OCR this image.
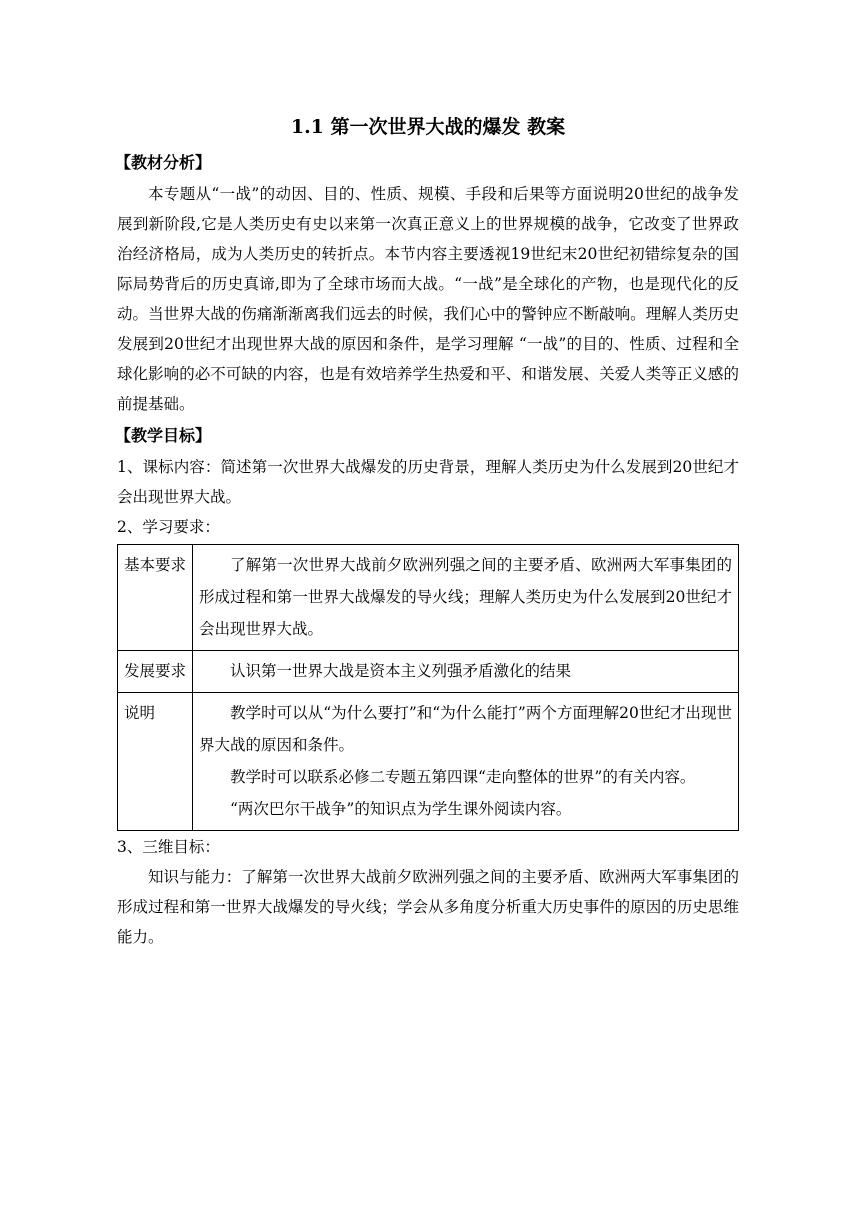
1.1 第一次世界大战的爆发 教案
【教材分析】

本专题从“一战”的动因、目的、性质、规模、手段和后果等方面说明20世纪的战争发展到新阶段,它是人类历史有史以来第一次真正意义上的世界规模的战争，它改变了世界政治经济格局，成为人类历史的转折点。本节内容主要透视19世纪末20世纪初错综复杂的国际局势背后的历史真谛,即为了全球市场而大战。“一战”是全球化的产物，也是现代化的反动。当世界大战的伤痛渐渐离我们远去的时候，我们心中的警钟应不断敲响。理解人类历史发展到20世纪才出现世界大战的原因和条件，是学习理解 “一战”的目的、性质、过程和全球化影响的必不可缺的内容，也是有效培养学生热爱和平、和谐发展、关爱人类等正义感的前提基础。

【教学目标】

1、课标内容：简述第一次世界大战爆发的历史背景，理解人类历史为什么发展到20世纪才会出现世界大战。

2、学习要求：

基本要求	了解第一次世界大战前夕欧洲列强之间的主要矛盾、欧洲两大军事集团的形成过程和第一世界大战爆发的导火线；理解人类历史为什么发展到20世纪才会出现世界大战。

发展要求	认识第一世界大战是资本主义列强矛盾激化的结果

说明	教学时可以从“为什么要打”和“为什么能打”两个方面理解20世纪才出现世界大战的原因和条件。

教学时可以联系必修二专题五第四课“走向整体的世界”的有关内容。

“两次巴尔干战争”的知识点为学生课外阅读内容。

3、三维目标：

知识与能力：了解第一次世界大战前夕欧洲列强之间的主要矛盾、欧洲两大军事集团的形成过程和第一世界大战爆发的导火线；学会从多角度分析重大历史事件的原因的历史思维能力。
